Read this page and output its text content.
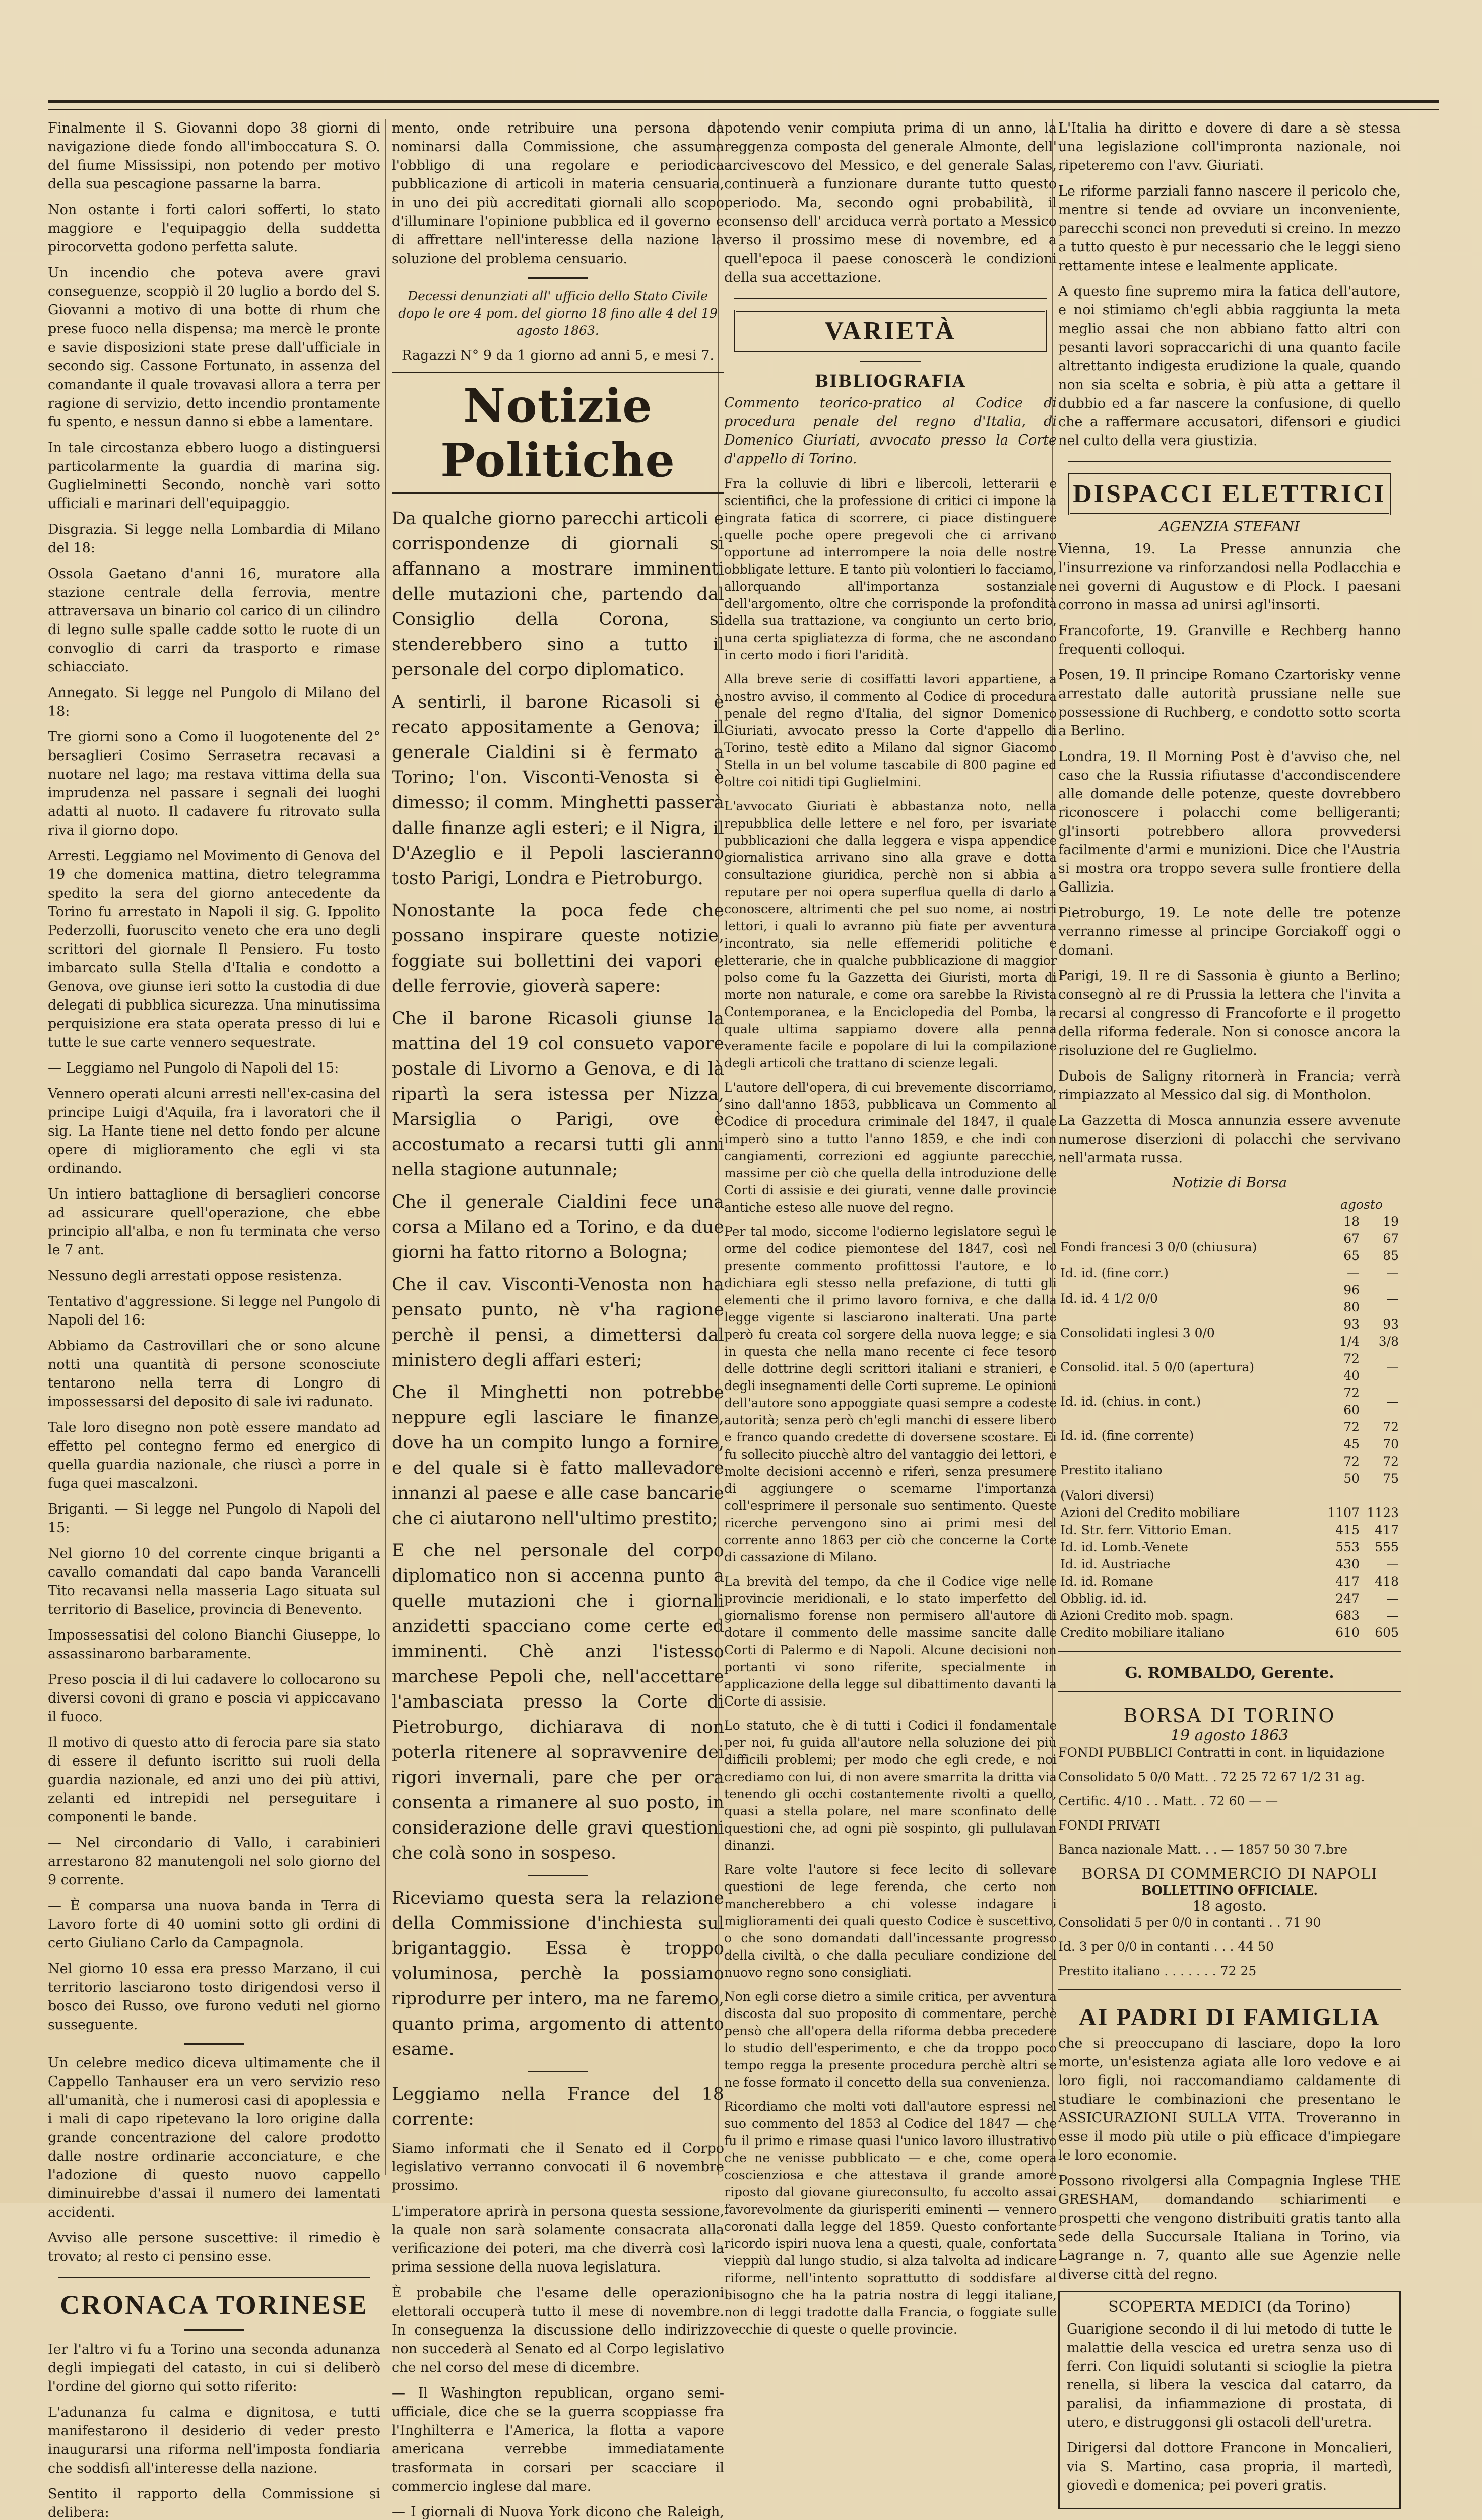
Finalmente il S. Giovanni dopo 38 giorni di navigazione diede fondo all'imboccatura S. O. del fiume Mississipi, non potendo per motivo della sua pescagione passarne la barra.

Non ostante i forti calori sofferti, lo stato maggiore e l'equipaggio della suddetta pirocorvetta godono perfetta salute.

Un incendio che poteva avere gravi conseguenze, scoppiò il 20 luglio a bordo del S. Giovanni a motivo di una botte di rhum che prese fuoco nella dispensa; ma mercè le pronte e savie disposizioni state prese dall'ufficiale in secondo sig. Cassone Fortunato, in assenza del comandante il quale trovavasi allora a terra per ragione di servizio, detto incendio prontamente fu spento, e nessun danno si ebbe a lamentare.

In tale circostanza ebbero luogo a distinguersi particolarmente la guardia di marina sig. Guglielminetti Secondo, nonchè vari sotto ufficiali e marinari dell'equipaggio.

Disgrazia. Si legge nella Lombardia di Milano del 18:

Ossola Gaetano d'anni 16, muratore alla stazione centrale della ferrovia, mentre attraversava un binario col carico di un cilindro di legno sulle spalle cadde sotto le ruote di un convoglio di carri da trasporto e rimase schiacciato.

Annegato. Si legge nel Pungolo di Milano del 18:

Tre giorni sono a Como il luogotenente del 2° bersaglieri Cosimo Serrasetra recavasi a nuotare nel lago; ma restava vittima della sua imprudenza nel passare i segnali dei luoghi adatti al nuoto. Il cadavere fu ritrovato sulla riva il giorno dopo.

Arresti. Leggiamo nel Movimento di Genova del 19 che domenica mattina, dietro telegramma spedito la sera del giorno antecedente da Torino fu arrestato in Napoli il sig. G. Ippolito Pederzolli, fuoruscito veneto che era uno degli scrittori del giornale Il Pensiero. Fu tosto imbarcato sulla Stella d'Italia e condotto a Genova, ove giunse ieri sotto la custodia di due delegati di pubblica sicurezza. Una minutissima perquisizione era stata operata presso di lui e tutte le sue carte vennero sequestrate.

— Leggiamo nel Pungolo di Napoli del 15:

Vennero operati alcuni arresti nell'ex-casina del principe Luigi d'Aquila, fra i lavoratori che il sig. La Hante tiene nel detto fondo per alcune opere di miglioramento che egli vi sta ordinando.

Un intiero battaglione di bersaglieri concorse ad assicurare quell'operazione, che ebbe principio all'alba, e non fu terminata che verso le 7 ant.

Nessuno degli arrestati oppose resistenza.

Tentativo d'aggressione. Si legge nel Pungolo di Napoli del 16:

Abbiamo da Castrovillari che or sono alcune notti una quantità di persone sconosciute tentarono nella terra di Longro di impossessarsi del deposito di sale ivi radunato.

Tale loro disegno non potè essere mandato ad effetto pel contegno fermo ed energico di quella guardia nazionale, che riuscì a porre in fuga quei mascalzoni.

Briganti. — Si legge nel Pungolo di Napoli del 15:

Nel giorno 10 del corrente cinque briganti a cavallo comandati dal capo banda Varancelli Tito recavansi nella masseria Lago situata sul territorio di Baselice, provincia di Benevento.

Impossessatisi del colono Bianchi Giuseppe, lo assassinarono barbaramente.

Preso poscia il di lui cadavere lo collocarono su diversi covoni di grano e poscia vi appiccavano il fuoco.

Il motivo di questo atto di ferocia pare sia stato di essere il defunto iscritto sui ruoli della guardia nazionale, ed anzi uno dei più attivi, zelanti ed intrepidi nel perseguitare i componenti le bande.

— Nel circondario di Vallo, i carabinieri arrestarono 82 manutengoli nel solo giorno del 9 corrente.

— È comparsa una nuova banda in Terra di Lavoro forte di 40 uomini sotto gli ordini di certo Giuliano Carlo da Campagnola.

Nel giorno 10 essa era presso Marzano, il cui territorio lasciarono tosto dirigendosi verso il bosco dei Russo, ove furono veduti nel giorno susseguente.

Un celebre medico diceva ultimamente che il Cappello Tanhauser era un vero servizio reso all'umanità, che i numerosi casi di apoplessia e i mali di capo ripetevano la loro origine dalla grande concentrazione del calore prodotto dalle nostre ordinarie acconciature, e che l'adozione di questo nuovo cappello diminuirebbe d'assai il numero dei lamentati accidenti.

Avviso alle persone suscettive: il rimedio è trovato; al resto ci pensino esse.

CRONACA TORINESE

Ier l'altro vi fu a Torino una seconda adunanza degli impiegati del catasto, in cui si deliberò l'ordine del giorno qui sotto riferito:

L'adunanza fu calma e dignitosa, e tutti manifestarono il desiderio di veder presto inaugurarsi una riforma nell'imposta fondiaria che soddisfi all'interesse della nazione.

Sentito il rapporto della Commissione si delibera:

mento, onde retribuire una persona da nominarsi dalla Commissione, che assuma l'obbligo di una regolare e periodica pubblicazione di articoli in materia censuaria, in uno dei più accreditati giornali allo scopo d'illuminare l'opinione pubblica ed il governo e di affrettare nell'interesse della nazione la soluzione del problema censuario.

Decessi denunziati all' ufficio dello Stato Civile dopo le ore 4 pom. del giorno 18 fino alle 4 del 19 agosto 1863.

Ragazzi N° 9 da 1 giorno ad anni 5, e mesi 7.

Notizie Politiche

Da qualche giorno parecchi articoli e corrispondenze di giornali si affannano a mostrare imminenti delle mutazioni che, partendo dal Consiglio della Corona, si stenderebbero sino a tutto il personale del corpo diplomatico.

A sentirli, il barone Ricasoli si è recato appositamente a Genova; il generale Cialdini si è fermato a Torino; l'on. Visconti-Venosta si è dimesso; il comm. Minghetti passerà dalle finanze agli esteri; e il Nigra, il D'Azeglio e il Pepoli lascieranno tosto Parigi, Londra e Pietroburgo.

Nonostante la poca fede che possano inspirare queste notizie, foggiate sui bollettini dei vapori e delle ferrovie, gioverà sapere:

Che il barone Ricasoli giunse la mattina del 19 col consueto vapore postale di Livorno a Genova, e di là ripartì la sera istessa per Nizza, Marsiglia o Parigi, ove è accostumato a recarsi tutti gli anni nella stagione autunnale;

Che il generale Cialdini fece una corsa a Milano ed a Torino, e da due giorni ha fatto ritorno a Bologna;

Che il cav. Visconti-Venosta non ha pensato punto, nè v'ha ragione perchè il pensi, a dimettersi dal ministero degli affari esteri;

Che il Minghetti non potrebbe neppure egli lasciare le finanze, dove ha un compito lungo a fornire, e del quale si è fatto mallevadore innanzi al paese e alle case bancarie che ci aiutarono nell'ultimo prestito;

E che nel personale del corpo diplomatico non si accenna punto a quelle mutazioni che i giornali anzidetti spacciano come certe ed imminenti. Chè anzi l'istesso marchese Pepoli che, nell'accettare l'ambasciata presso la Corte di Pietroburgo, dichiarava di non poterla ritenere al sopravvenire dei rigori invernali, pare che per ora consenta a rimanere al suo posto, in considerazione delle gravi questioni che colà sono in sospeso.

Riceviamo questa sera la relazione della Commissione d'inchiesta sul brigantaggio. Essa è troppo voluminosa, perchè la possiamo riprodurre per intero, ma ne faremo, quanto prima, argomento di attento esame.

Leggiamo nella France del 18 corrente:

Siamo informati che il Senato ed il Corpo legislativo verranno convocati il 6 novembre prossimo.

L'imperatore aprirà in persona questa sessione, la quale non sarà solamente consacrata alla verificazione dei poteri, ma che diverrà così la prima sessione della nuova legislatura.

È probabile che l'esame delle operazioni elettorali occuperà tutto il mese di novembre. In conseguenza la discussione dello indirizzo non succederà al Senato ed al Corpo legislativo che nel corso del mese di dicembre.

— Il Washington republican, organo semi-ufficiale, dice che se la guerra scoppiasse fra l'Inghilterra e l'America, la flotta a vapore americana verrebbe immediatamente trasformata in corsari per scacciare il commercio inglese dal mare.

— I giornali di Nuova York dicono che Raleigh,

potendo venir compiuta prima di un anno, la reggenza composta del generale Almonte, dell' arcivescovo del Messico, e del generale Salas, continuerà a funzionare durante tutto questo periodo. Ma, secondo ogni probabilità, il consenso dell' arciduca verrà portato a Messico verso il prossimo mese di novembre, ed a quell'epoca il paese conoscerà le condizioni della sua accettazione.

VARIETÀ
BIBLIOGRAFIA

Commento teorico-pratico al Codice di procedura penale del regno d'Italia, di Domenico Giuriati, avvocato presso la Corte d'appello di Torino.

Fra la colluvie di libri e libercoli, letterarii e scientifici, che la professione di critici ci impone la ingrata fatica di scorrere, ci piace distinguere quelle poche opere pregevoli che ci arrivano opportune ad interrompere la noia delle nostre obbligate letture. E tanto più volontieri lo facciamo, allorquando all'importanza sostanziale dell'argomento, oltre che corrisponde la profondità della sua trattazione, va congiunto un certo brio, una certa spigliatezza di forma, che ne ascondano in certo modo i fiori l'aridità.

Alla breve serie di cosiffatti lavori appartiene, a nostro avviso, il commento al Codice di procedura penale del regno d'Italia, del signor Domenico Giuriati, avvocato presso la Corte d'appello di Torino, testè edito a Milano dal signor Giacomo Stella in un bel volume tascabile di 800 pagine ed oltre coi nitidi tipi Guglielmini.

L'avvocato Giuriati è abbastanza noto, nella repubblica delle lettere e nel foro, per isvariate pubblicazioni che dalla leggera e vispa appendice giornalistica arrivano sino alla grave e dotta consultazione giuridica, perchè non si abbia a reputare per noi opera superflua quella di darlo a conoscere, altrimenti che pel suo nome, ai nostri lettori, i quali lo avranno più fiate per avventura incontrato, sia nelle effemeridi politiche e letterarie, che in qualche pubblicazione di maggior polso come fu la Gazzetta dei Giuristi, morta di morte non naturale, e come ora sarebbe la Rivista Contemporanea, e la Enciclopedia del Pomba, la quale ultima sappiamo dovere alla penna veramente facile e popolare di lui la compilazione degli articoli che trattano di scienze legali.

L'autore dell'opera, di cui brevemente discorriamo, sino dall'anno 1853, pubblicava un Commento al Codice di procedura criminale del 1847, il quale imperò sino a tutto l'anno 1859, e che indi con cangiamenti, correzioni ed aggiunte parecchie, massime per ciò che quella della introduzione delle Corti di assisie e dei giurati, venne dalle provincie antiche esteso alle nuove del regno.

Per tal modo, siccome l'odierno legislatore seguì le orme del codice piemontese del 1847, così nel presente commento profittossi l'autore, e lo dichiara egli stesso nella prefazione, di tutti gli elementi che il primo lavoro forniva, e che dalla legge vigente si lasciarono inalterati. Una parte però fu creata col sorgere della nuova legge; e sia in questa che nella mano recente ci fece tesoro delle dottrine degli scrittori italiani e stranieri, e degli insegnamenti delle Corti supreme. Le opinioni dell'autore sono appoggiate quasi sempre a codeste autorità; senza però ch'egli manchi di essere libero e franco quando credette di doversene scostare. Ei fu sollecito piucchè altro del vantaggio dei lettori, e molte decisioni accennò e riferì, senza presumere di aggiungere o scemarne l'importanza coll'esprimere il personale suo sentimento. Queste ricerche pervengono sino ai primi mesi del corrente anno 1863 per ciò che concerne la Corte di cassazione di Milano.

La brevità del tempo, da che il Codice vige nelle provincie meridionali, e lo stato imperfetto del giornalismo forense non permisero all'autore di dotare il commento delle massime sancite dalle Corti di Palermo e di Napoli. Alcune decisioni non portanti vi sono riferite, specialmente in applicazione della legge sul dibattimento davanti la Corte di assisie.

Lo statuto, che è di tutti i Codici il fondamentale per noi, fu guida all'autore nella soluzione dei più difficili problemi; per modo che egli crede, e noi crediamo con lui, di non avere smarrita la dritta via tenendo gli occhi costantemente rivolti a quello, quasi a stella polare, nel mare sconfinato delle questioni che, ad ogni piè sospinto, gli pullulavan dinanzi.

Rare volte l'autore si fece lecito di sollevare questioni de lege ferenda, che certo non mancherebbero a chi volesse indagare i miglioramenti dei quali questo Codice è suscettivo, o che sono domandati dall'incessante progresso della civiltà, o che dalla peculiare condizione del nuovo regno sono consigliati.

Non egli corse dietro a simile critica, per avventura discosta dal suo proposito di commentare, perchè pensò che all'opera della riforma debba precedere lo studio dell'esperimento, e che da troppo poco tempo regga la presente procedura perchè altri se ne fosse formato il concetto della sua convenienza.

Ricordiamo che molti voti dall'autore espressi nel suo commento del 1853 al Codice del 1847 — che fu il primo e rimase quasi l'unico lavoro illustrativo che ne venisse pubblicato — e che, come opera coscienziosa e che attestava il grande amore riposto dal giovane giureconsulto, fu accolto assai favorevolmente da giurisperiti eminenti — vennero coronati dalla legge del 1859. Questo confortante ricordo ispiri nuova lena a questi, quale, confortata vieppiù dal lungo studio, si alza talvolta ad indicare riforme, nell'intento soprattutto di soddisfare al bisogno che ha la patria nostra di leggi italiane, non di leggi tradotte dalla Francia, o foggiate sulle vecchie di queste o quelle provincie.

L'Italia ha diritto e dovere di dare a sè stessa una legislazione coll'impronta nazionale, noi ripeteremo con l'avv. Giuriati.

Le riforme parziali fanno nascere il pericolo che, mentre si tende ad ovviare un inconveniente, parecchi sconci non preveduti si creino. In mezzo a tutto questo è pur necessario che le leggi sieno rettamente intese e lealmente applicate.

A questo fine supremo mira la fatica dell'autore, e noi stimiamo ch'egli abbia raggiunta la meta meglio assai che non abbiano fatto altri con pesanti lavori sopraccarichi di una quanto facile altrettanto indigesta erudizione la quale, quando non sia scelta e sobria, è più atta a gettare il dubbio ed a far nascere la confusione, di quello che a raffermare accusatori, difensori e giudici nel culto della vera giustizia.

DISPACCI ELETTRICI
AGENZIA STEFANI

Vienna, 19. La Presse annunzia che l'insurrezione va rinforzandosi nella Podlacchia e nei governi di Augustow e di Plock. I paesani corrono in massa ad unirsi agl'insorti.

Francoforte, 19. Granville e Rechberg hanno frequenti colloqui.

Posen, 19. Il principe Romano Czartorisky venne arrestato dalle autorità prussiane nelle sue possessione di Ruchberg, e condotto sotto scorta a Berlino.

Londra, 19. Il Morning Post è d'avviso che, nel caso che la Russia rifiutasse d'accondiscendere alle domande delle potenze, queste dovrebbero riconoscere i polacchi come belligeranti; gl'insorti potrebbero allora provvedersi facilmente d'armi e munizioni. Dice che l'Austria si mostra ora troppo severa sulle frontiere della Gallizia.

Pietroburgo, 19. Le note delle tre potenze verranno rimesse al principe Gorciakoff oggi o domani.

Parigi, 19. Il re di Sassonia è giunto a Berlino; consegnò al re di Prussia la lettera che l'invita a recarsi al congresso di Francoforte e il progetto della riforma federale. Non si conosce ancora la risoluzione del re Guglielmo.

Dubois de Saligny ritornerà in Francia; verrà rimpiazzato al Messico dal sig. di Montholon.

La Gazzetta di Mosca annunzia essere avvenute numerose diserzioni di polacchi che servivano nell'armata russa.

Notizie di Borsa
	agosto	
	18	19
Fondi francesi 3 0/0 (chiusura)	67 65	67 85
Id. id. (fine corr.)	—	—
Id. id. 4 1/2 0/0	96 80	—
Consolidati inglesi 3 0/0	93 1/4	93 3/8
Consolid. ital. 5 0/0 (apertura)	72 40	—
Id. id. (chius. in cont.)	72 60	—
Id. id. (fine corrente)	72 45	72 70
Prestito italiano	72 50	72 75
(Valori diversi)		
Azioni del Credito mobiliare	1107	1123
Id. Str. ferr. Vittorio Eman.	415	417
Id. id. Lomb.-Venete	553	555
Id. id. Austriache	430	—
Id. id. Romane	417	418
Obblig. id. id.	247	—
Azioni Credito mob. spagn.	683	—
Credito mobiliare italiano	610	605
G. ROMBALDO, Gerente.
BORSA DI TORINO
19 agosto 1863

FONDI PUBBLICI Contratti in cont. in liquidazione

Consolidato 5 0/0 Matt. . 72 25 72 67 1/2 31 ag.

Certific. 4/10 . . Matt. . 72 60 — —

FONDI PRIVATI

Banca nazionale Matt. . . — 1857 50 30 7.bre

BORSA DI COMMERCIO DI NAPOLI
BOLLETTINO OFFICIALE.
18 agosto.

Consolidati 5 per 0/0 in contanti . . 71 90

Id. 3 per 0/0 in contanti . . . 44 50

Prestito italiano . . . . . . . 72 25

AI PADRI DI FAMIGLIA

che si preoccupano di lasciare, dopo la loro morte, un'esistenza agiata alle loro vedove e ai loro figli, noi raccomandiamo caldamente di studiare le combinazioni che presentano le ASSICURAZIONI SULLA VITA. Troveranno in esse il modo più utile o più efficace d'impiegare le loro economie.

Possono rivolgersi alla Compagnia Inglese THE GRESHAM, domandando schiarimenti e prospetti che vengono distribuiti gratis tanto alla sede della Succursale Italiana in Torino, via Lagrange n. 7, quanto alle sue Agenzie nelle diverse città del regno.

SCOPERTA MEDICI (da Torino)

Guarigione secondo il di lui metodo di tutte le malattie della vescica ed uretra senza uso di ferri. Con liquidi solutanti si scioglie la pietra renella, si libera la vescica dal catarro, da paralisi, da infiammazione di prostata, di utero, e distruggonsi gli ostacoli dell'uretra.

Dirigersi dal dottore Francone in Moncalieri, via S. Martino, casa propria, il martedì, giovedì e domenica; pei poveri gratis.
